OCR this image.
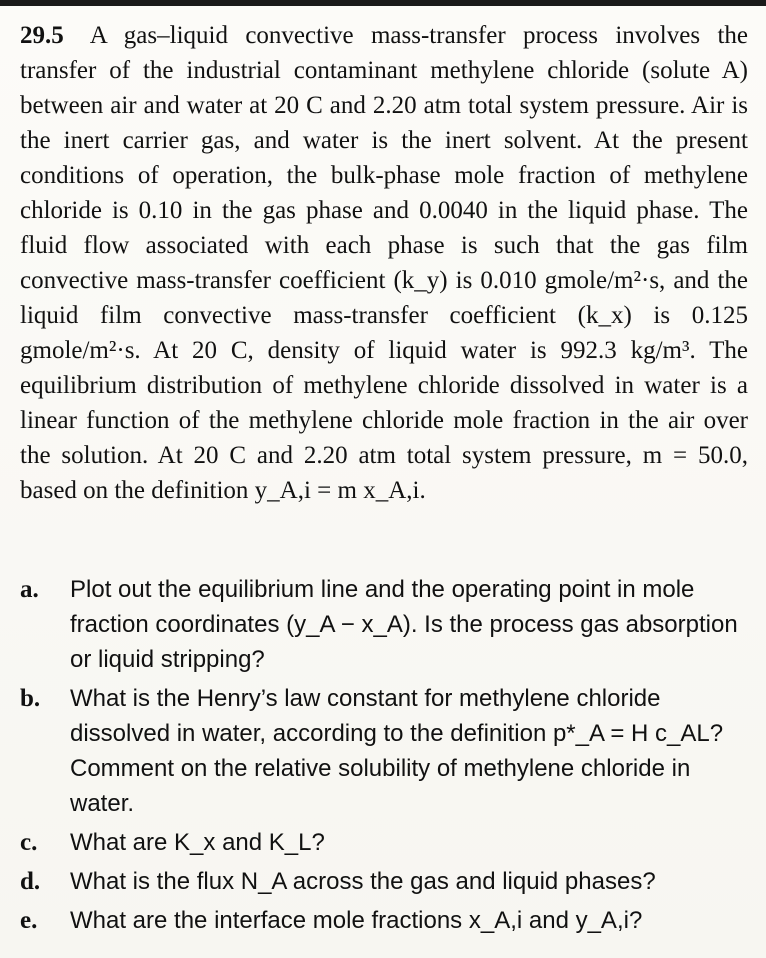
29.5 A gas–liquid convective mass-transfer process involves the transfer of the industrial contaminant methylene chloride (solute A) between air and water at 20 C and 2.20 atm total system pressure. Air is the inert carrier gas, and water is the inert solvent. At the present conditions of operation, the bulk-phase mole fraction of methylene chloride is 0.10 in the gas phase and 0.0040 in the liquid phase. The fluid flow associated with each phase is such that the gas film convective mass-transfer coefficient (k_y) is 0.010 gmole/m²·s, and the liquid film convective mass-transfer coefficient (k_x) is 0.125 gmole/m²·s. At 20 C, density of liquid water is 992.3 kg/m³. The equilibrium distribution of methylene chloride dissolved in water is a linear function of the methylene chloride mole fraction in the air over the solution. At 20 C and 2.20 atm total system pressure, m = 50.0, based on the definition y_A,i = m x_A,i.
a.	Plot out the equilibrium line and the operating point in mole fraction coordinates (y_A − x_A). Is the process gas absorption or liquid stripping?
b.	What is the Henry’s law constant for methylene chloride dissolved in water, according to the definition p*_A = H c_AL? Comment on the relative solubility of methylene chloride in water.
c.	What are K_x and K_L?
d.	What is the flux N_A across the gas and liquid phases?
e.	What are the interface mole fractions x_A,i and y_A,i?
